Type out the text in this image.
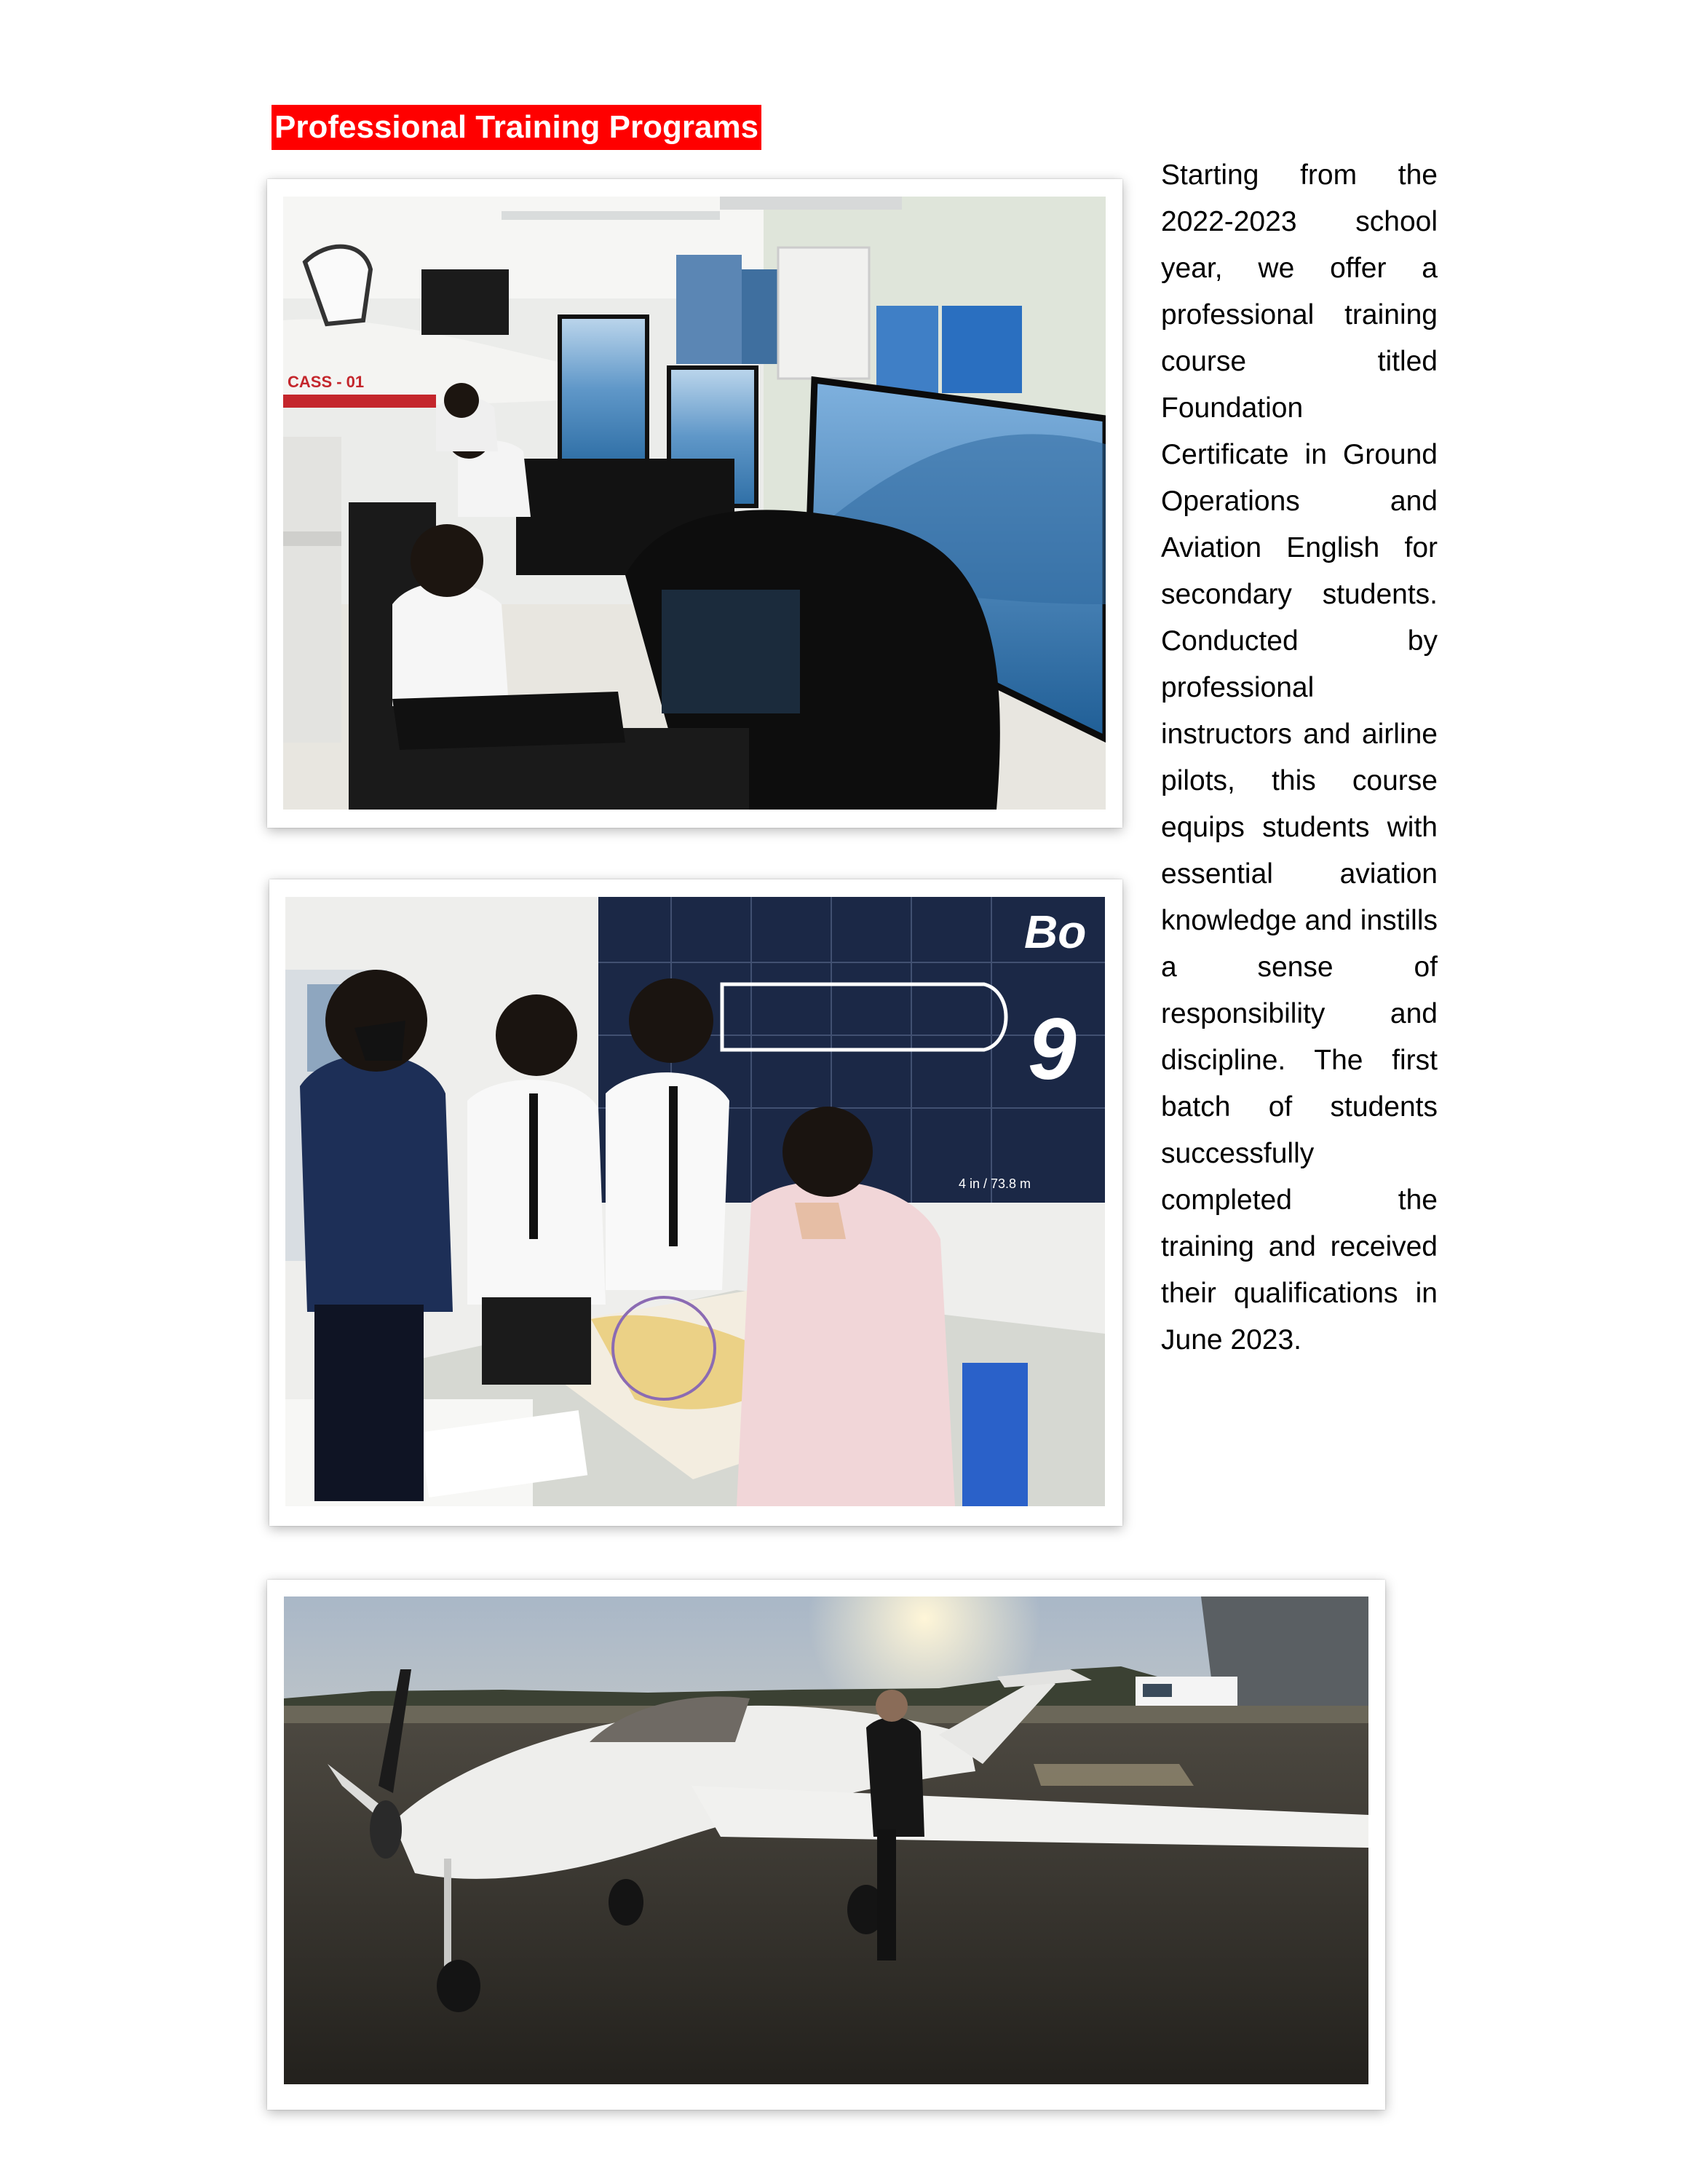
Professional Training Programs
CASS - 01
Bo
9
4 in / 73.8 m
Starting from the 2022-2023 school year, we offer a professional training course titled Foundation Certificate in Ground Operations and Aviation English for secondary students. Conducted by professional instructors and airline pilots, this course equips students with essential aviation knowledge and instills a sense of responsibility and discipline. The first batch of students successfully completed the training and received their qualifications in June 2023.
